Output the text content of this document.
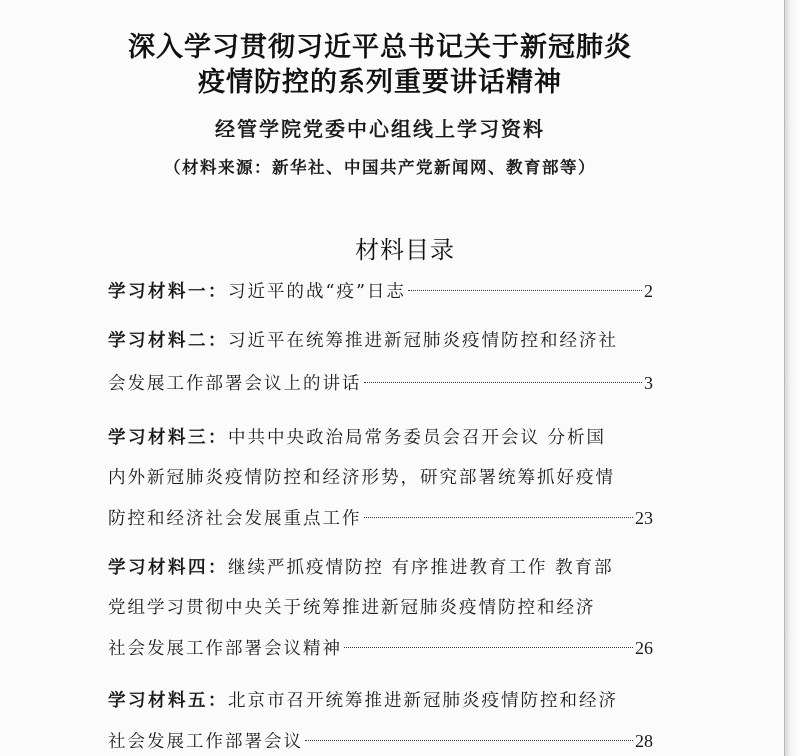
深入学习贯彻习近平总书记关于新冠肺炎
疫情防控的系列重要讲话精神
经管学院党委中心组线上学习资料
（材料来源：新华社、中国共产党新闻网、教育部等）
材料目录
学习材料一：习近平的战“疫”日志	2
学习材料二：习近平在统筹推进新冠肺炎疫情防控和经济社
会发展工作部署会议上的讲话	3
学习材料三：中共中央政治局常务委员会召开会议 分析国
内外新冠肺炎疫情防控和经济形势，研究部署统筹抓好疫情
防控和经济社会发展重点工作	23
学习材料四：继续严抓疫情防控 有序推进教育工作 教育部
党组学习贯彻中央关于统筹推进新冠肺炎疫情防控和经济
社会发展工作部署会议精神	26
学习材料五：北京市召开统筹推进新冠肺炎疫情防控和经济
社会发展工作部署会议	28
